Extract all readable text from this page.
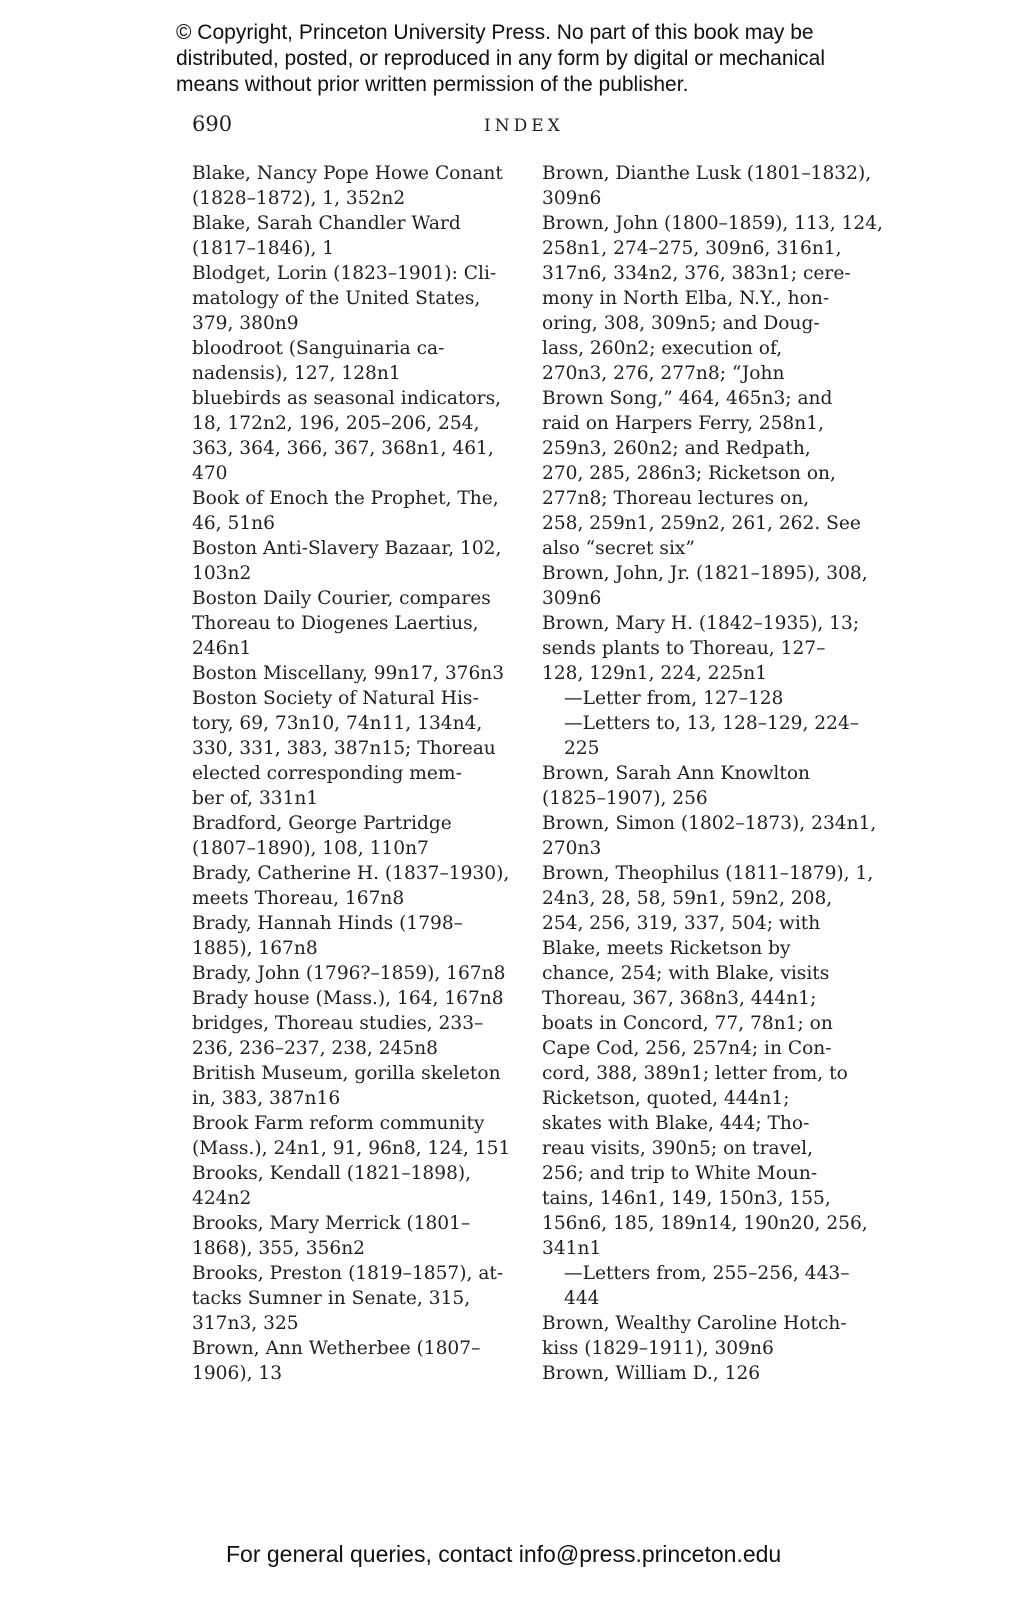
© Copyright, Princeton University Press. No part of this book may be
distributed, posted, or reproduced in any form by digital or mechanical
means without prior written permission of the publisher.
690	INDEX
Blake, Nancy Pope Howe Conant
(1828–1872), 1, 352n2
Blake, Sarah Chandler Ward
(1817–1846), 1
Blodget, Lorin (1823–1901): Cli-
matology of the United States,
379, 380n9
bloodroot (Sanguinaria ca-
nadensis), 127, 128n1
bluebirds as seasonal indicators,
18, 172n2, 196, 205–206, 254,
363, 364, 366, 367, 368n1, 461,
470
Book of Enoch the Prophet, The,
46, 51n6
Boston Anti-Slavery Bazaar, 102,
103n2
Boston Daily Courier, compares
Thoreau to Diogenes Laertius,
246n1
Boston Miscellany, 99n17, 376n3
Boston Society of Natural His-
tory, 69, 73n10, 74n11, 134n4,
330, 331, 383, 387n15; Thoreau
elected corresponding mem-
ber of, 331n1
Bradford, George Partridge
(1807–1890), 108, 110n7
Brady, Catherine H. (1837–1930),
meets Thoreau, 167n8
Brady, Hannah Hinds (1798–
1885), 167n8
Brady, John (1796?–1859), 167n8
Brady house (Mass.), 164, 167n8
bridges, Thoreau studies, 233–
236, 236–237, 238, 245n8
British Museum, gorilla skeleton
in, 383, 387n16
Brook Farm reform community
(Mass.), 24n1, 91, 96n8, 124, 151
Brooks, Kendall (1821–1898),
424n2
Brooks, Mary Merrick (1801–
1868), 355, 356n2
Brooks, Preston (1819–1857), at-
tacks Sumner in Senate, 315,
317n3, 325
Brown, Ann Wetherbee (1807–
1906), 13
Brown, Dianthe Lusk (1801–1832),
309n6
Brown, John (1800–1859), 113, 124,
258n1, 274–275, 309n6, 316n1,
317n6, 334n2, 376, 383n1; cere-
mony in North Elba, N.Y., hon-
oring, 308, 309n5; and Doug-
lass, 260n2; execution of,
270n3, 276, 277n8; “John
Brown Song,” 464, 465n3; and
raid on Harpers Ferry, 258n1,
259n3, 260n2; and Redpath,
270, 285, 286n3; Ricketson on,
277n8; Thoreau lectures on,
258, 259n1, 259n2, 261, 262. See
also “secret six”
Brown, John, Jr. (1821–1895), 308,
309n6
Brown, Mary H. (1842–1935), 13;
sends plants to Thoreau, 127–
128, 129n1, 224, 225n1
—Letter from, 127–128
—Letters to, 13, 128–129, 224–
225
Brown, Sarah Ann Knowlton
(1825–1907), 256
Brown, Simon (1802–1873), 234n1,
270n3
Brown, Theophilus (1811–1879), 1,
24n3, 28, 58, 59n1, 59n2, 208,
254, 256, 319, 337, 504; with
Blake, meets Ricketson by
chance, 254; with Blake, visits
Thoreau, 367, 368n3, 444n1;
boats in Concord, 77, 78n1; on
Cape Cod, 256, 257n4; in Con-
cord, 388, 389n1; letter from, to
Ricketson, quoted, 444n1;
skates with Blake, 444; Tho-
reau visits, 390n5; on travel,
256; and trip to White Moun-
tains, 146n1, 149, 150n3, 155,
156n6, 185, 189n14, 190n20, 256,
341n1
—Letters from, 255–256, 443–
444
Brown, Wealthy Caroline Hotch-
kiss (1829–1911), 309n6
Brown, William D., 126
For general queries, contact info@press.princeton.edu
